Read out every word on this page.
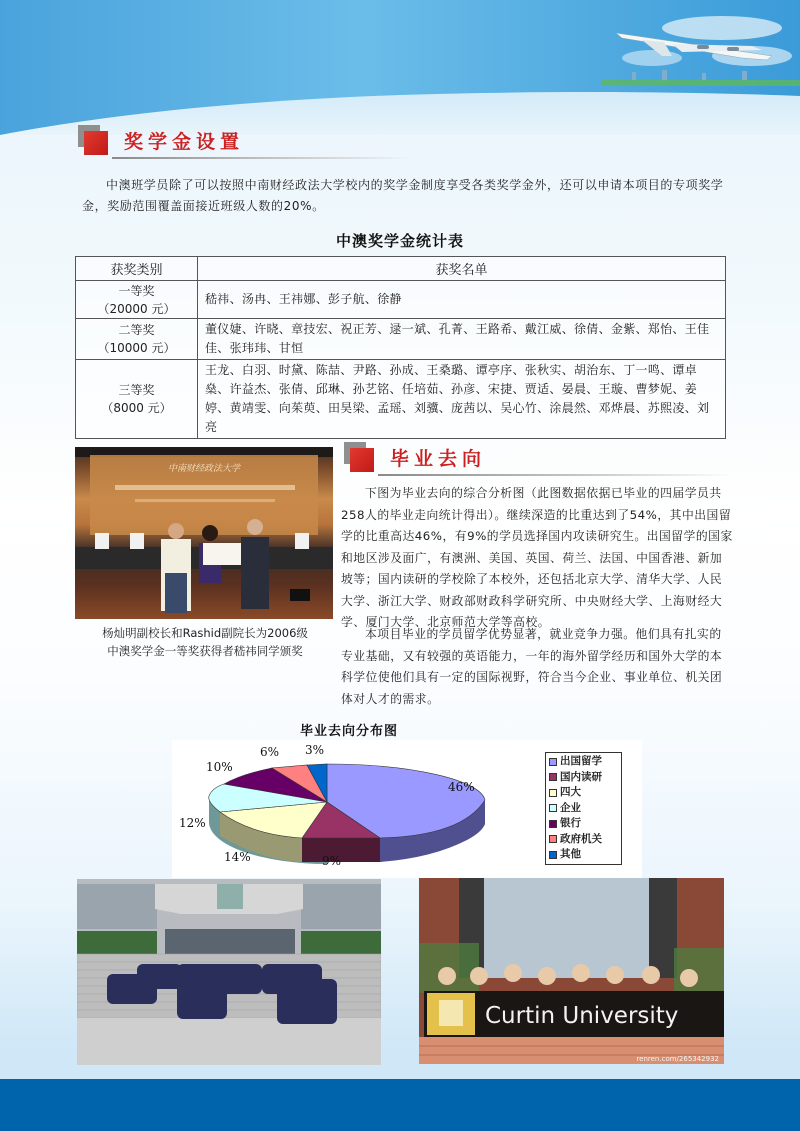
奖学金设置
中澳班学员除了可以按照中南财经政法大学校内的奖学金制度享受各类奖学金外，还可以申请本项目的专项奖学金，奖励范围覆盖面接近班级人数的20%。
中澳奖学金统计表
获奖类别	获奖名单

一等奖
（20000 元）	嵇祎、汤冉、王祎娜、彭子航、徐静

二等奖
（10000 元）	董仪婕、许晓、章技宏、祝正芳、逯一斌、孔菁、王路希、戴江威、徐倩、金紫、郑怡、王佳佳、张玮玮、甘恒

三等奖
（8000 元）	王龙、白羽、时黛、陈喆、尹路、孙成、王桑璐、谭亭序、张秋实、胡治东、丁一鸣、谭卓燊、许益杰、张倩、邱琳、孙艺铭、任培茹、孙彦、宋捷、贾适、晏晨、王璇、曹梦妮、姜婷、黄靖雯、向茱萸、田昊梁、孟瑶、刘骥、庞茜以、吴心竹、涂晨然、邓烨晨、苏熙凌、刘亮
中南财经政法大学
杨灿明副校长和Rashid副院长为2006级
中澳奖学金一等奖获得者嵇祎同学颁奖
毕业去向
下图为毕业去向的综合分析图（此图数据依据已毕业的四届学员共258人的毕业走向统计得出）。继续深造的比重达到了54%，其中出国留学的比重高达46%，有9%的学员选择国内攻读研究生。出国留学的国家和地区涉及面广，有澳洲、美国、英国、荷兰、法国、中国香港、新加坡等；国内读研的学校除了本校外，还包括北京大学、清华大学、人民大学、浙江大学、财政部财政科学研究所、中央财经大学、上海财经大学、厦门大学、北京师范大学等高校。
本项目毕业的学员留学优势显著，就业竞争力强。他们具有扎实的专业基础，又有较强的英语能力，一年的海外留学经历和国外大学的本科学位使他们具有一定的国际视野，符合当今企业、事业单位、机关团体对人才的需求。
毕业去向分布图
46%
9%
14%
12%
10%
6% 3%
出国留学
国内读研
四大
企业
银行
政府机关
其他
Curtin University
renren.com/265342932
